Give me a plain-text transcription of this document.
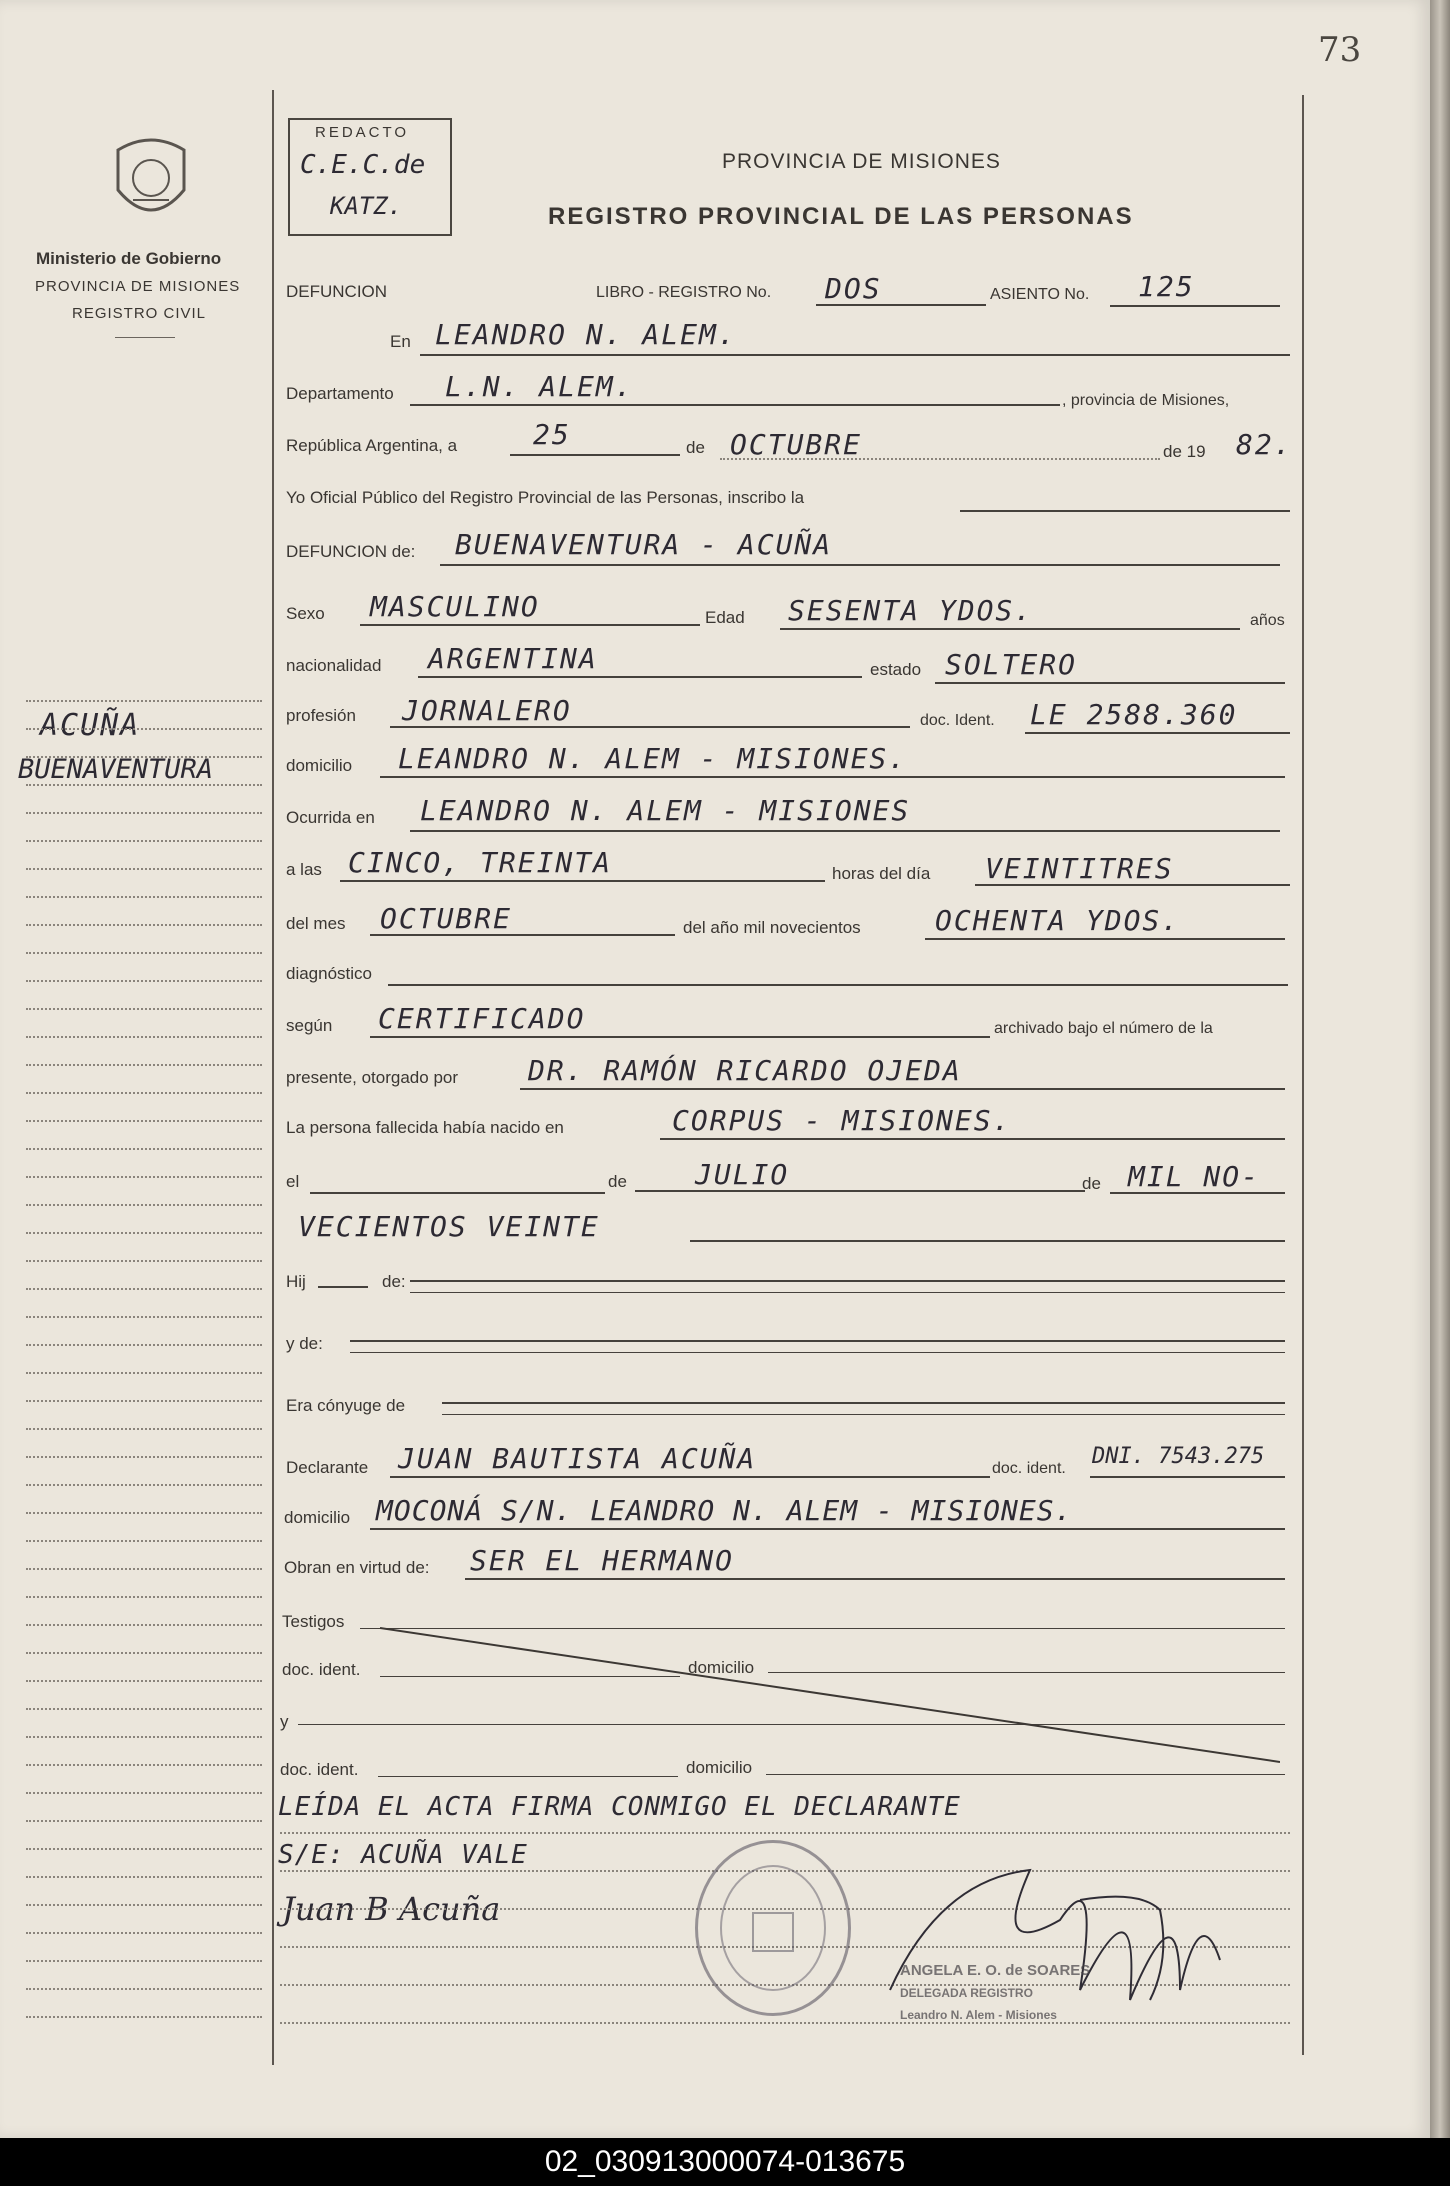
73
Ministerio de Gobierno
PROVINCIA DE MISIONES
REGISTRO CIVIL
ACUÑA
BUENAVENTURA
REDACTO
C.E.C.de
KATZ.
PROVINCIA DE MISIONES
REGISTRO PROVINCIAL DE LAS PERSONAS
DEFUNCION	LIBRO - REGISTRO No. DOS	ASIENTO No. 125
En LEANDRO N. ALEM.
Departamento L.N. ALEM.	, provincia de Misiones,
República Argentina, a	25	de OCTUBRE	de 19 82.
Yo Oficial Público del Registro Provincial de las Personas, inscribo la
DEFUNCION de: BUENAVENTURA - ACUÑA
Sexo MASCULINO	Edad SESENTA YDOS.	años
nacionalidad ARGENTINA	estado SOLTERO
profesión JORNALERO	doc. Ident. LE 2588.360
domicilio LEANDRO N. ALEM - MISIONES.
Ocurrida en LEANDRO N. ALEM - MISIONES
a las CINCO, TREINTA	horas del día VEINTITRES
del mes OCTUBRE	del año mil novecientos	OCHENTA YDOS.
diagnóstico
según CERTIFICADO	archivado bajo el número de la
presente, otorgado por DR. RAMÓN RICARDO OJEDA
La persona fallecida había nacido en	CORPUS - MISIONES.
el	de JULIO	de MIL NO-
VECIENTOS VEINTE
Hij	de:
y de:
Era cónyuge de
Declarante JUAN BAUTISTA ACUÑA	doc. ident. DNI. 7543.275
domicilio MOCONÁ S/N. LEANDRO N. ALEM - MISIONES.
Obran en virtud de: SER EL HERMANO
Testigos
doc. ident.	domicilio
y
doc. ident.	domicilio
LEÍDA EL ACTA FIRMA CONMIGO EL DECLARANTE
S/E: ACUÑA VALE
Juan B Acuña
ANGELA E. O. de SOARES
DELEGADA REGISTRO
Leandro N. Alem - Misiones
02_030913000074-013675
